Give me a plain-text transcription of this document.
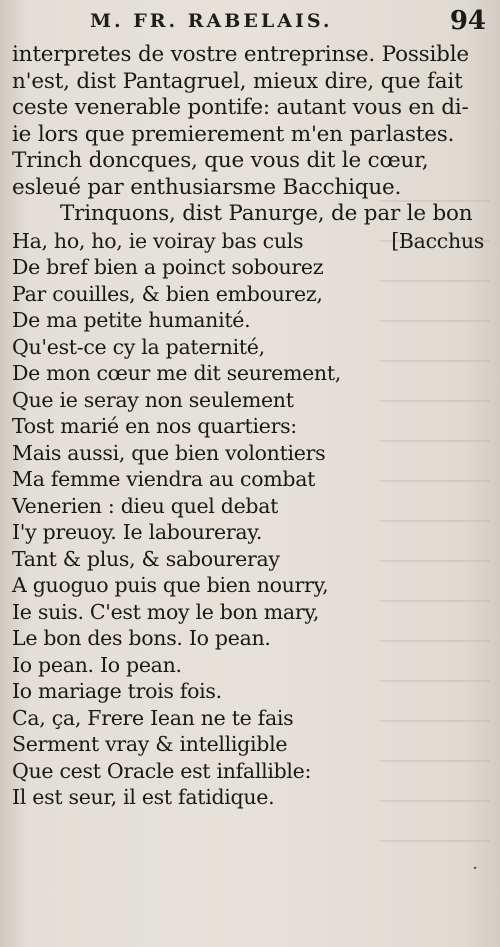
M. FR. RABELAIS.	94
interpretes de vostre entreprinse. Possible
n'est, dist Pantagruel, mieux dire, que fait
ceste venerable pontife: autant vous en di-
ie lors que premierement m'en parlastes.
Trinch doncques, que vous dit le cœur,
esleué par enthusiarsme Bacchique.
Trinquons, dist Panurge, de par le bon
Ha, ho, ho, ie voiray bas culs	[Bacchus
De bref bien a poinct sobourez
Par couilles, & bien embourez,
De ma petite humanité.
Qu'est-ce cy la paternité,
De mon cœur me dit seurement,
Que ie seray non seulement
Tost marié en nos quartiers:
Mais aussi, que bien volontiers
Ma femme viendra au combat
Venerien : dieu quel debat
I'y preuoy. Ie laboureray.
Tant & plus, & saboureray
A guoguo puis que bien nourry,
Ie suis. C'est moy le bon mary,
Le bon des bons. Io pean.
Io pean. Io pean.
Io mariage trois fois.
Ca, ça, Frere Iean ne te fais
Serment vray & intelligible
Que cest Oracle est infallible:
Il est seur, il est fatidique.
·
